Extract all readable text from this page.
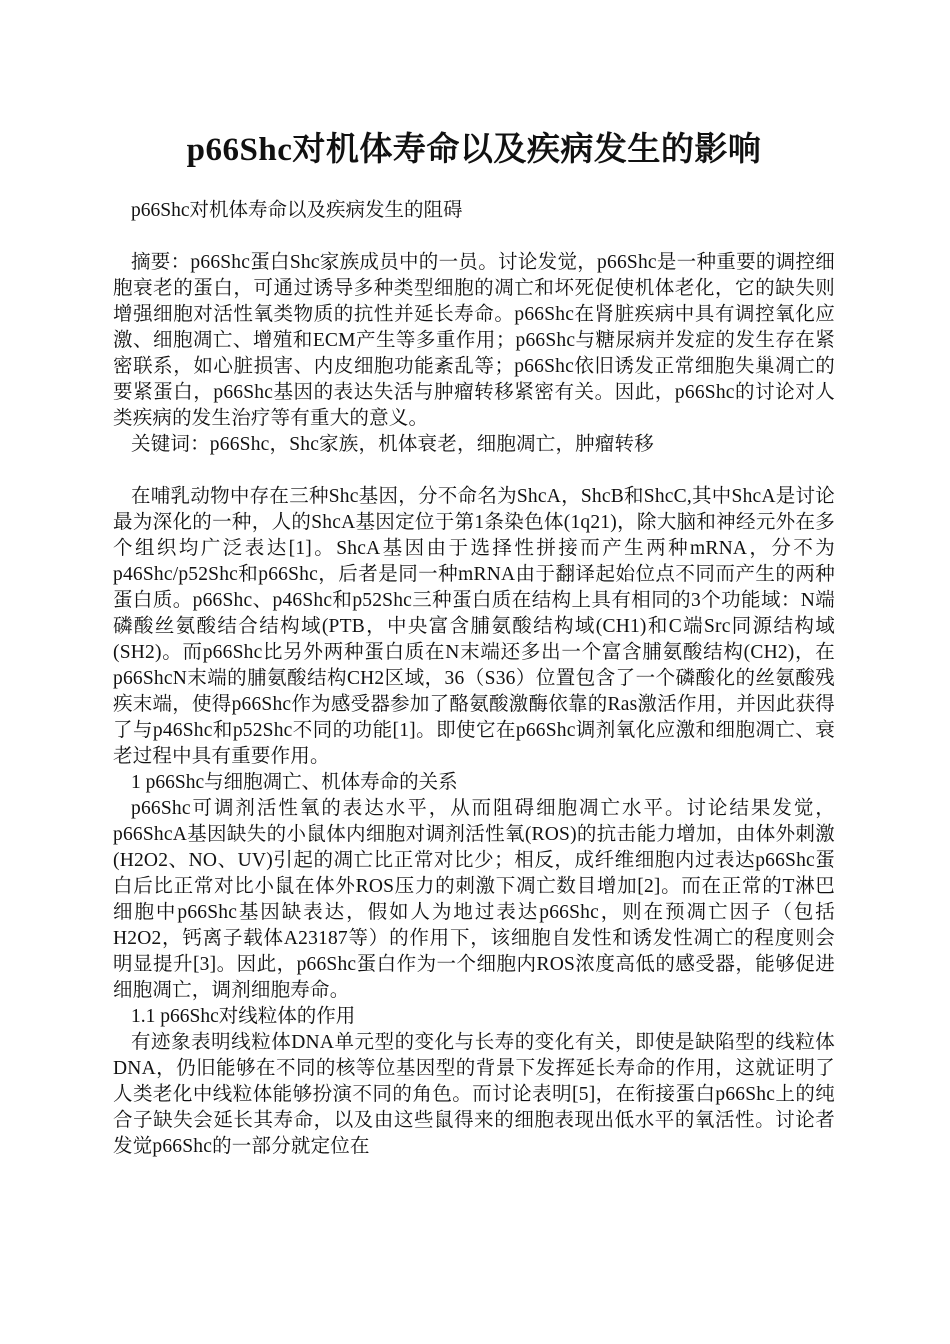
p66Shc对机体寿命以及疾病发生的影响

p66Shc对机体寿命以及疾病发生的阻碍

摘要：p66Shc蛋白Shc家族成员中的一员。讨论发觉，p66Shc是一种重要的调控细胞衰老的蛋白，可通过诱导多种类型细胞的凋亡和坏死促使机体老化，它的缺失则增强细胞对活性氧类物质的抗性并延长寿命。p66Shc在肾脏疾病中具有调控氧化应激、细胞凋亡、增殖和ECM产生等多重作用；p66Shc与糖尿病并发症的发生存在紧密联系，如心脏损害、内皮细胞功能紊乱等；p66Shc依旧诱发正常细胞失巢凋亡的要紧蛋白，p66Shc基因的表达失活与肿瘤转移紧密有关。因此，p66Shc的讨论对人类疾病的发生治疗等有重大的意义。

关键词：p66Shc，Shc家族，机体衰老，细胞凋亡，肿瘤转移

在哺乳动物中存在三种Shc基因，分不命名为ShcA，ShcB和ShcC,其中ShcA是讨论最为深化的一种，人的ShcA基因定位于第1条染色体(1q21)，除大脑和神经元外在多个组织均广泛表达[1]。ShcA基因由于选择性拼接而产生两种mRNA，分不为p46Shc/p52Shc和p66Shc，后者是同一种mRNA由于翻译起始位点不同而产生的两种蛋白质。p66Shc、p46Shc和p52Shc三种蛋白质在结构上具有相同的3个功能域：N端磷酸丝氨酸结合结构域(PTB，中央富含脯氨酸结构域(CH1)和C端Src同源结构域(SH2)。而p66Shc比另外两种蛋白质在N末端还多出一个富含脯氨酸结构(CH2)，在p66ShcN末端的脯氨酸结构CH2区域，36（S36）位置包含了一个磷酸化的丝氨酸残疾末端，使得p66Shc作为感受器参加了酪氨酸激酶依靠的Ras激活作用，并因此获得了与p46Shc和p52Shc不同的功能[1]。即使它在p66Shc调剂氧化应激和细胞凋亡、衰老过程中具有重要作用。

1 p66Shc与细胞凋亡、机体寿命的关系

p66Shc可调剂活性氧的表达水平，从而阻碍细胞凋亡水平。讨论结果发觉，p66ShcA基因缺失的小鼠体内细胞对调剂活性氧(ROS)的抗击能力增加，由体外刺激(H2O2、NO、UV)引起的凋亡比正常对比少；相反，成纤维细胞内过表达p66Shc蛋白后比正常对比小鼠在体外ROS压力的刺激下凋亡数目增加[2]。而在正常的T淋巴细胞中p66Shc基因缺表达，假如人为地过表达p66Shc，则在预凋亡因子（包括H2O2，钙离子载体A23187等）的作用下，该细胞自发性和诱发性凋亡的程度则会明显提升[3]。因此，p66Shc蛋白作为一个细胞内ROS浓度高低的感受器，能够促进细胞凋亡，调剂细胞寿命。

1.1 p66Shc对线粒体的作用

有迹象表明线粒体DNA单元型的变化与长寿的变化有关，即使是缺陷型的线粒体DNA，仍旧能够在不同的核等位基因型的背景下发挥延长寿命的作用，这就证明了人类老化中线粒体能够扮演不同的角色。而讨论表明[5]，在衔接蛋白p66Shc上的纯合子缺失会延长其寿命，以及由这些鼠得来的细胞表现出低水平的氧活性。讨论者发觉p66Shc的一部分就定位在
